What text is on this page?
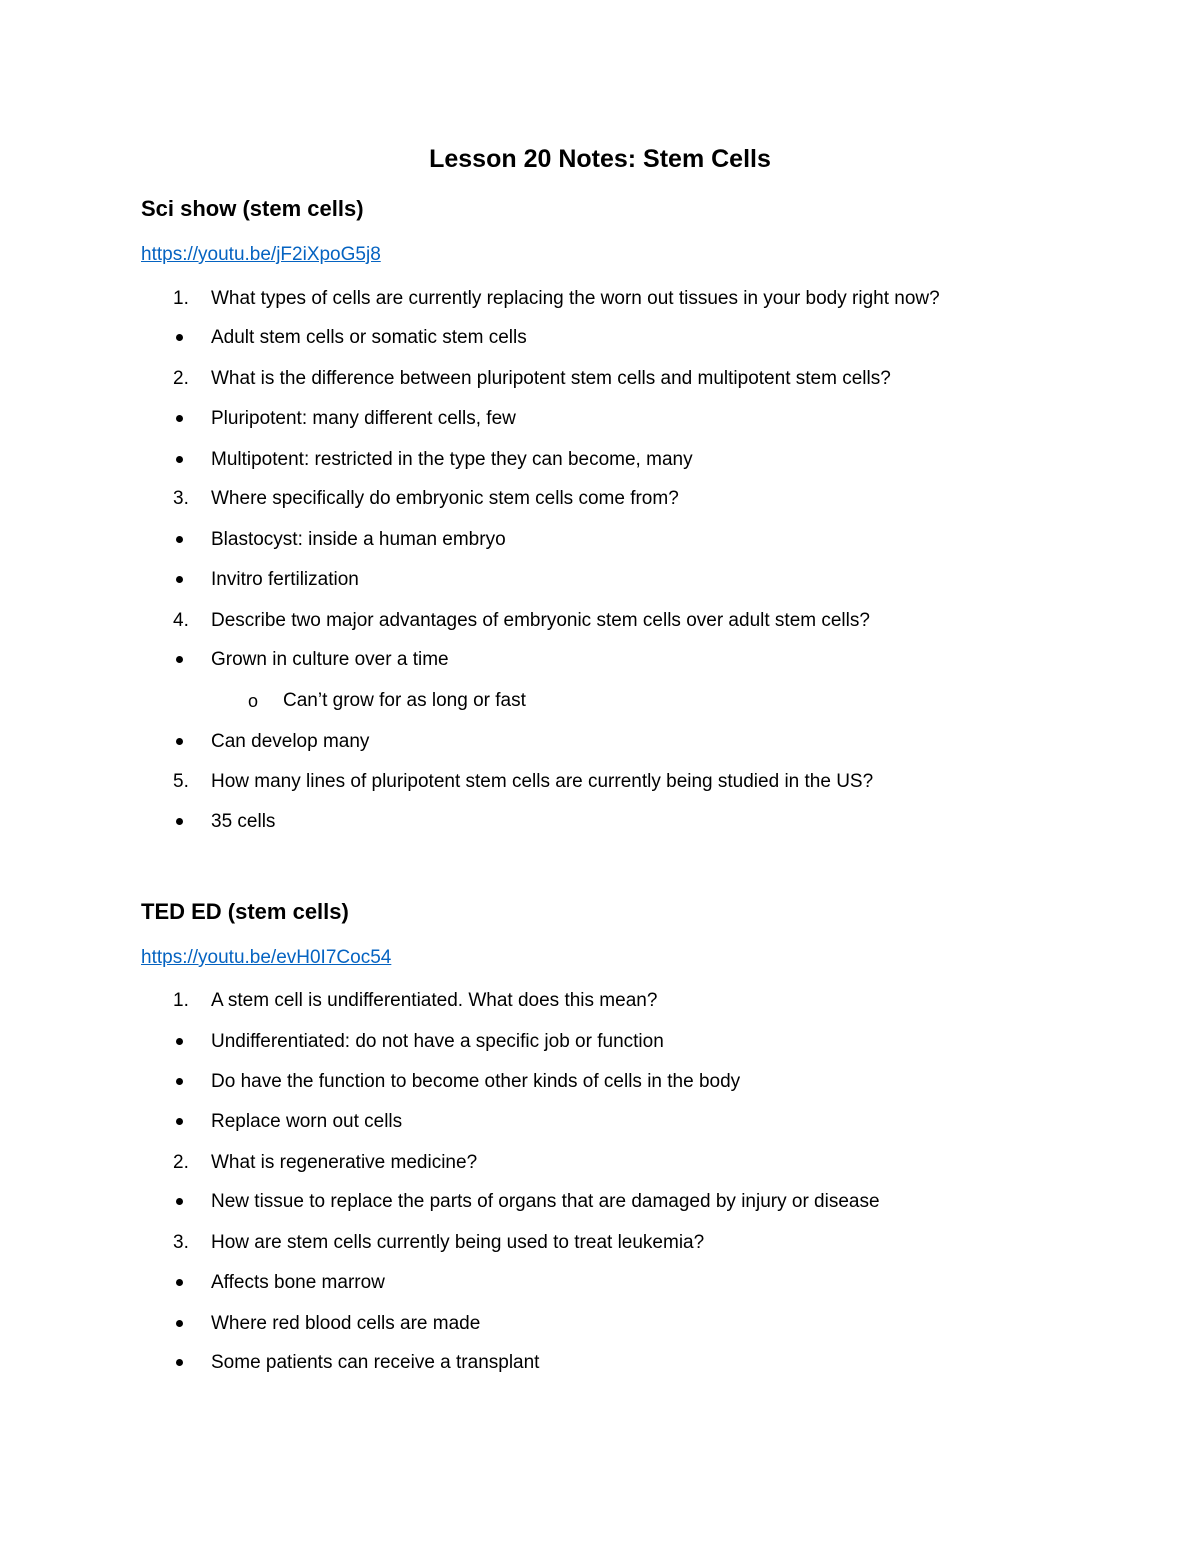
Lesson 20 Notes: Stem Cells
Sci show (stem cells)
https://youtu.be/jF2iXpoG5j8
1.	What types of cells are currently replacing the worn out tissues in your body right now?
Adult stem cells or somatic stem cells
2.	What is the difference between pluripotent stem cells and multipotent stem cells?
Pluripotent: many different cells, few
Multipotent: restricted in the type they can become, many
3.	Where specifically do embryonic stem cells come from?
Blastocyst: inside a human embryo
Invitro fertilization
4.	Describe two major advantages of embryonic stem cells over adult stem cells?
Grown in culture over a time
o Can’t grow for as long or fast
Can develop many
5.	How many lines of pluripotent stem cells are currently being studied in the US?
35 cells
TED ED (stem cells)
https://youtu.be/evH0I7Coc54
1.	A stem cell is undifferentiated. What does this mean?
Undifferentiated: do not have a specific job or function
Do have the function to become other kinds of cells in the body
Replace worn out cells
2.	What is regenerative medicine?
New tissue to replace the parts of organs that are damaged by injury or disease
3.	How are stem cells currently being used to treat leukemia?
Affects bone marrow
Where red blood cells are made
Some patients can receive a transplant
